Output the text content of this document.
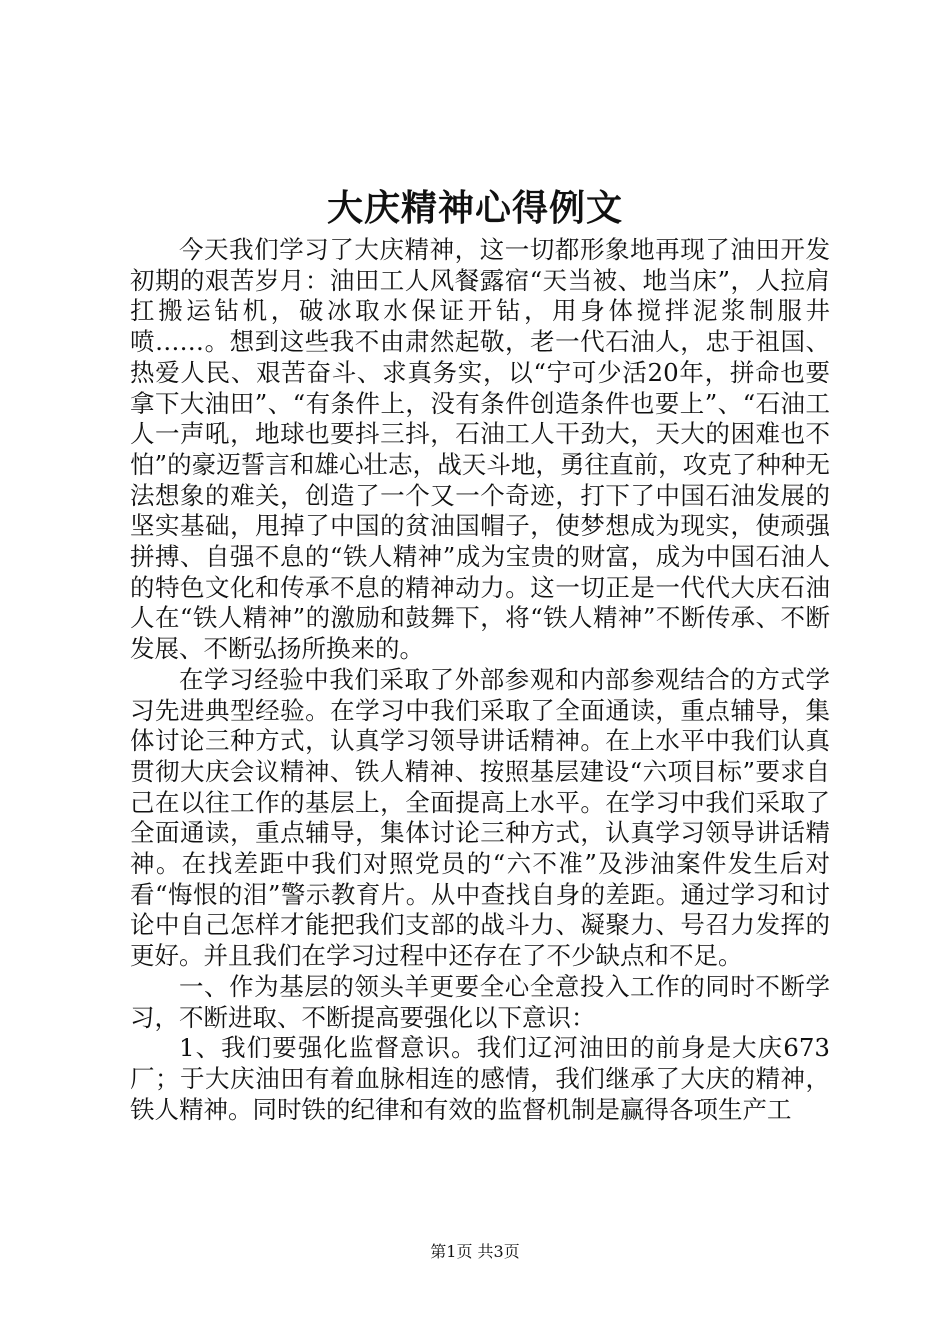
大庆精神心得例文

今天我们学习了大庆精神，这一切都形象地再现了油田开发初期的艰苦岁月：油田工人风餐露宿“天当被、地当床”，人拉肩扛搬运钻机，破冰取水保证开钻，用身体搅拌泥浆制服井喷……。想到这些我不由肃然起敬，老一代石油人，忠于祖国、热爱人民、艰苦奋斗、求真务实，以“宁可少活20年，拼命也要拿下大油田”、“有条件上，没有条件创造条件也要上”、“石油工人一声吼，地球也要抖三抖，石油工人干劲大，天大的困难也不怕”的豪迈誓言和雄心壮志，战天斗地，勇往直前，攻克了种种无法想象的难关，创造了一个又一个奇迹，打下了中国石油发展的坚实基础，甩掉了中国的贫油国帽子，使梦想成为现实，使顽强拼搏、自强不息的“铁人精神”成为宝贵的财富，成为中国石油人的特色文化和传承不息的精神动力。这一切正是一代代大庆石油人在“铁人精神”的激励和鼓舞下，将“铁人精神”不断传承、不断发展、不断弘扬所换来的。

在学习经验中我们采取了外部参观和内部参观结合的方式学习先进典型经验。在学习中我们采取了全面通读，重点辅导，集体讨论三种方式，认真学习领导讲话精神。在上水平中我们认真贯彻大庆会议精神、铁人精神、按照基层建设“六项目标”要求自己在以往工作的基层上，全面提高上水平。在学习中我们采取了全面通读，重点辅导，集体讨论三种方式，认真学习领导讲话精神。在找差距中我们对照党员的“六不准”及涉油案件发生后对看“悔恨的泪”警示教育片。从中查找自身的差距。通过学习和讨论中自己怎样才能把我们支部的战斗力、凝聚力、号召力发挥的更好。并且我们在学习过程中还存在了不少缺点和不足。

一、作为基层的领头羊更要全心全意投入工作的同时不断学习，不断进取、不断提高要强化以下意识：

1、我们要强化监督意识。我们辽河油田的前身是大庆673厂；于大庆油田有着血脉相连的感情，我们继承了大庆的精神，铁人精神。同时铁的纪律和有效的监督机制是赢得各项生产工

第1页 共3页
